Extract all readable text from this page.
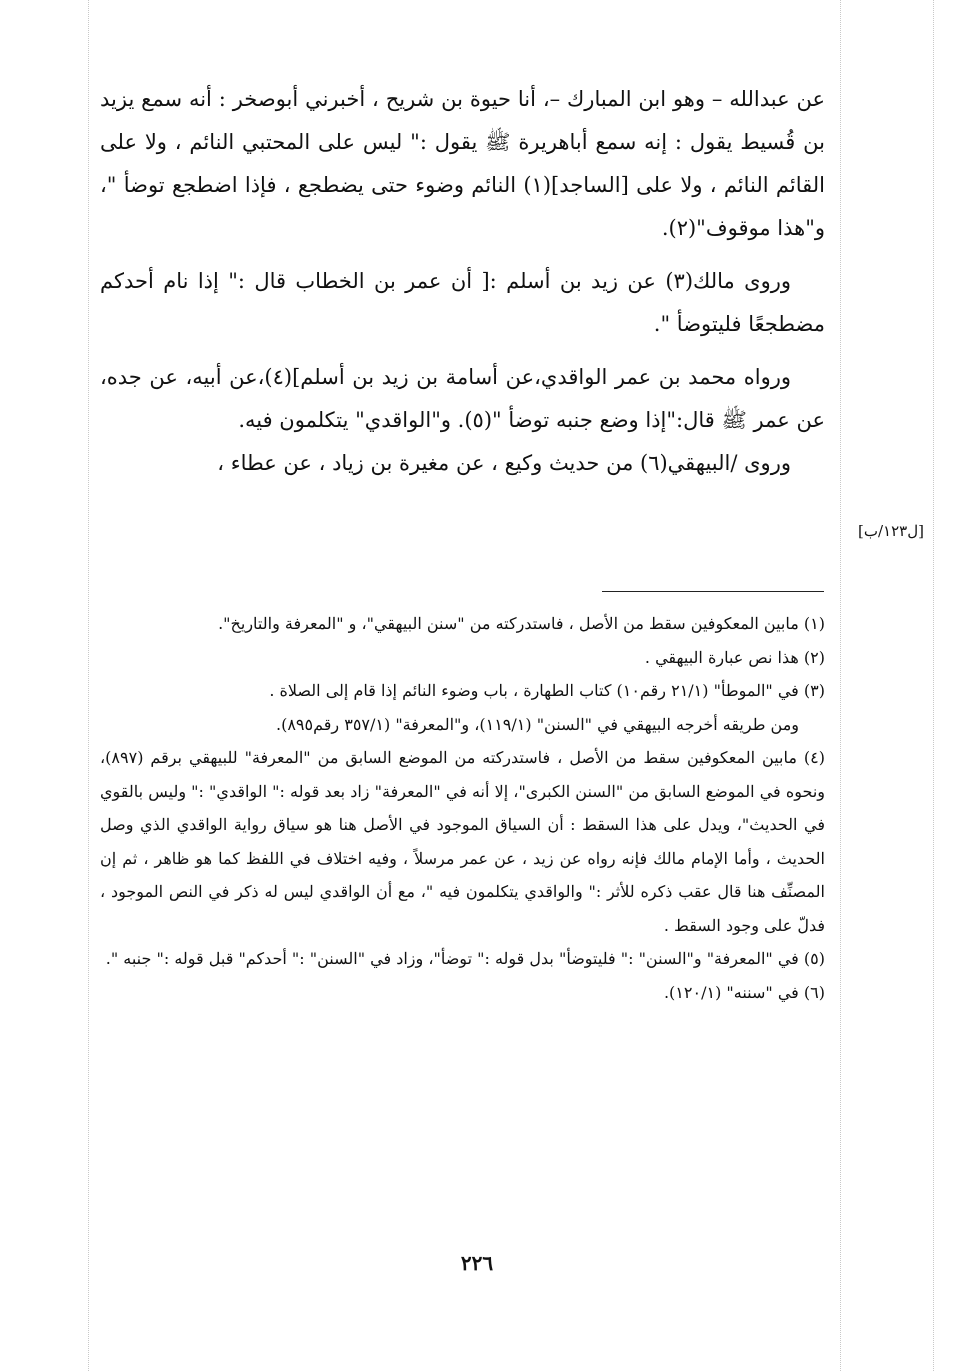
عن عبدالله – وهو ابن المبارك –، أنا حيوة بن شريح ، أخبرني أبوصخر : أنه سمع يزيد بن قُسيط يقول : إنه سمع أباهريرة ﷺ يقول :" ليس على المحتبي النائم ، ولا على القائم النائم ، ولا على [الساجد](١) النائم وضوء حتى يضطجع ، فإذا اضطجع توضأ "، و"هذا موقوف"(٢).

وروى مالك(٣) عن زيد بن أسلم :[ أن عمر بن الخطاب قال :" إذا نام أحدكم مضطجعًا فليتوضأ ".

ورواه محمد بن عمر الواقدي،عن أسامة بن زيد بن أسلم](٤)،عن أبيه، عن جده، عن عمر ﷺ قال:"إذا وضع جنبه توضأ "(٥). و"الواقدي" يتكلمون فيه.

وروى /البيهقي(٦) من حديث وكيع ، عن مغيرة بن زياد ، عن عطاء ،

[ل١٢٣/ب]

(١) مابين المعكوفين سقط من الأصل ، فاستدركته من "سنن البيهقي"، و "المعرفة والتاريخ".

(٢) هذا نص عبارة البيهقي .

(٣) في "الموطأ" (٢١/١ رقم١٠) كتاب الطهارة ، باب وضوء النائم إذا قام إلى الصلاة .

ومن طريقه أخرجه البيهقي في "السنن" (١١٩/١)، و"المعرفة" (٣٥٧/١ رقم٨٩٥).

(٤) مابين المعكوفين سقط من الأصل ، فاستدركته من الموضع السابق من "المعرفة" للبيهقي برقم (٨٩٧)، ونحوه في الموضع السابق من "السنن الكبرى"، إلا أنه في "المعرفة" زاد بعد قوله :" الواقدي" :" وليس بالقوي في الحديث"، ويدل على هذا السقط : أن السياق الموجود في الأصل هنا هو سياق رواية الواقدي الذي وصل الحديث ، وأما الإمام مالك فإنه رواه عن زيد ، عن عمر مرسلاً ، وفيه اختلاف في اللفظ كما هو ظاهر ، ثم إن المصنِّف هنا قال عقب ذكره للأثر :" والواقدي يتكلمون فيه "، مع أن الواقدي ليس له ذكر في النص الموجود ، فدلّ على وجود السقط .

(٥) في "المعرفة" و"السنن" :" فليتوضأ" بدل قوله :" توضأ"، وزاد في "السنن" :" أحدكم" قبل قوله :" جنبه ".

(٦) في "سننه" (١٢٠/١).

٢٢٦
